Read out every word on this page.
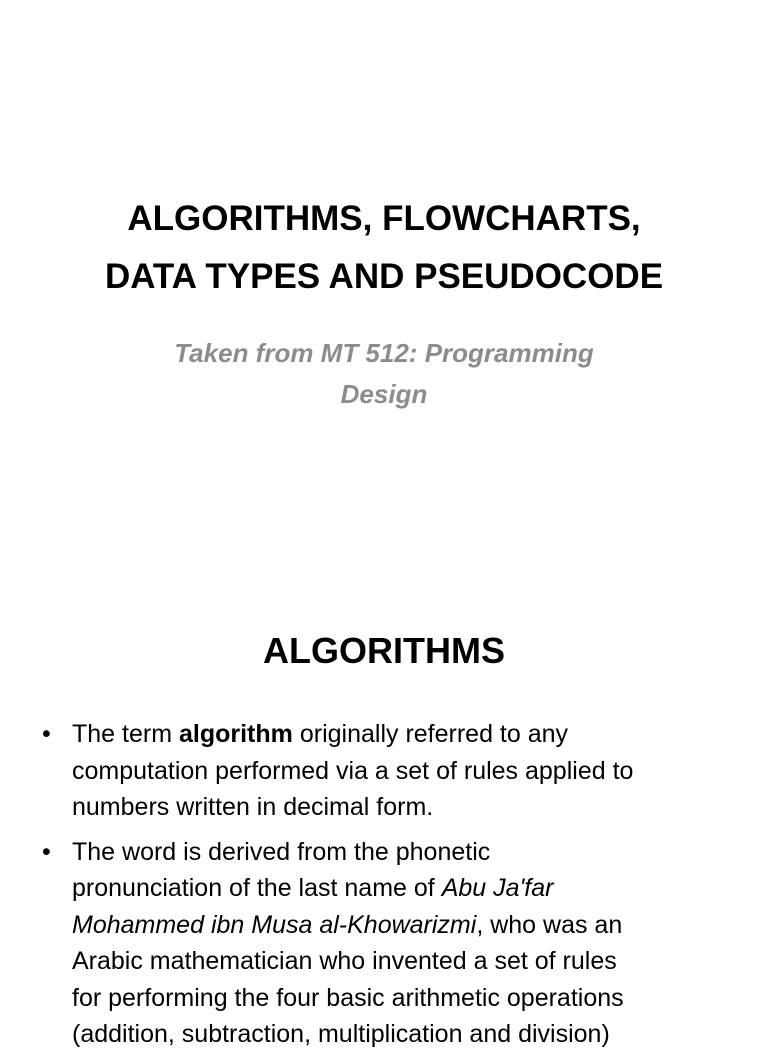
ALGORITHMS, FLOWCHARTS,
DATA TYPES AND PSEUDOCODE
Taken from MT 512: Programming
Design
ALGORITHMS
• The term algorithm originally referred to any
computation performed via a set of rules applied to
numbers written in decimal form.
• The word is derived from the phonetic
pronunciation of the last name of Abu Ja'far
Mohammed ibn Musa al-Khowarizmi, who was an
Arabic mathematician who invented a set of rules
for performing the four basic arithmetic operations
(addition, subtraction, multiplication and division)
